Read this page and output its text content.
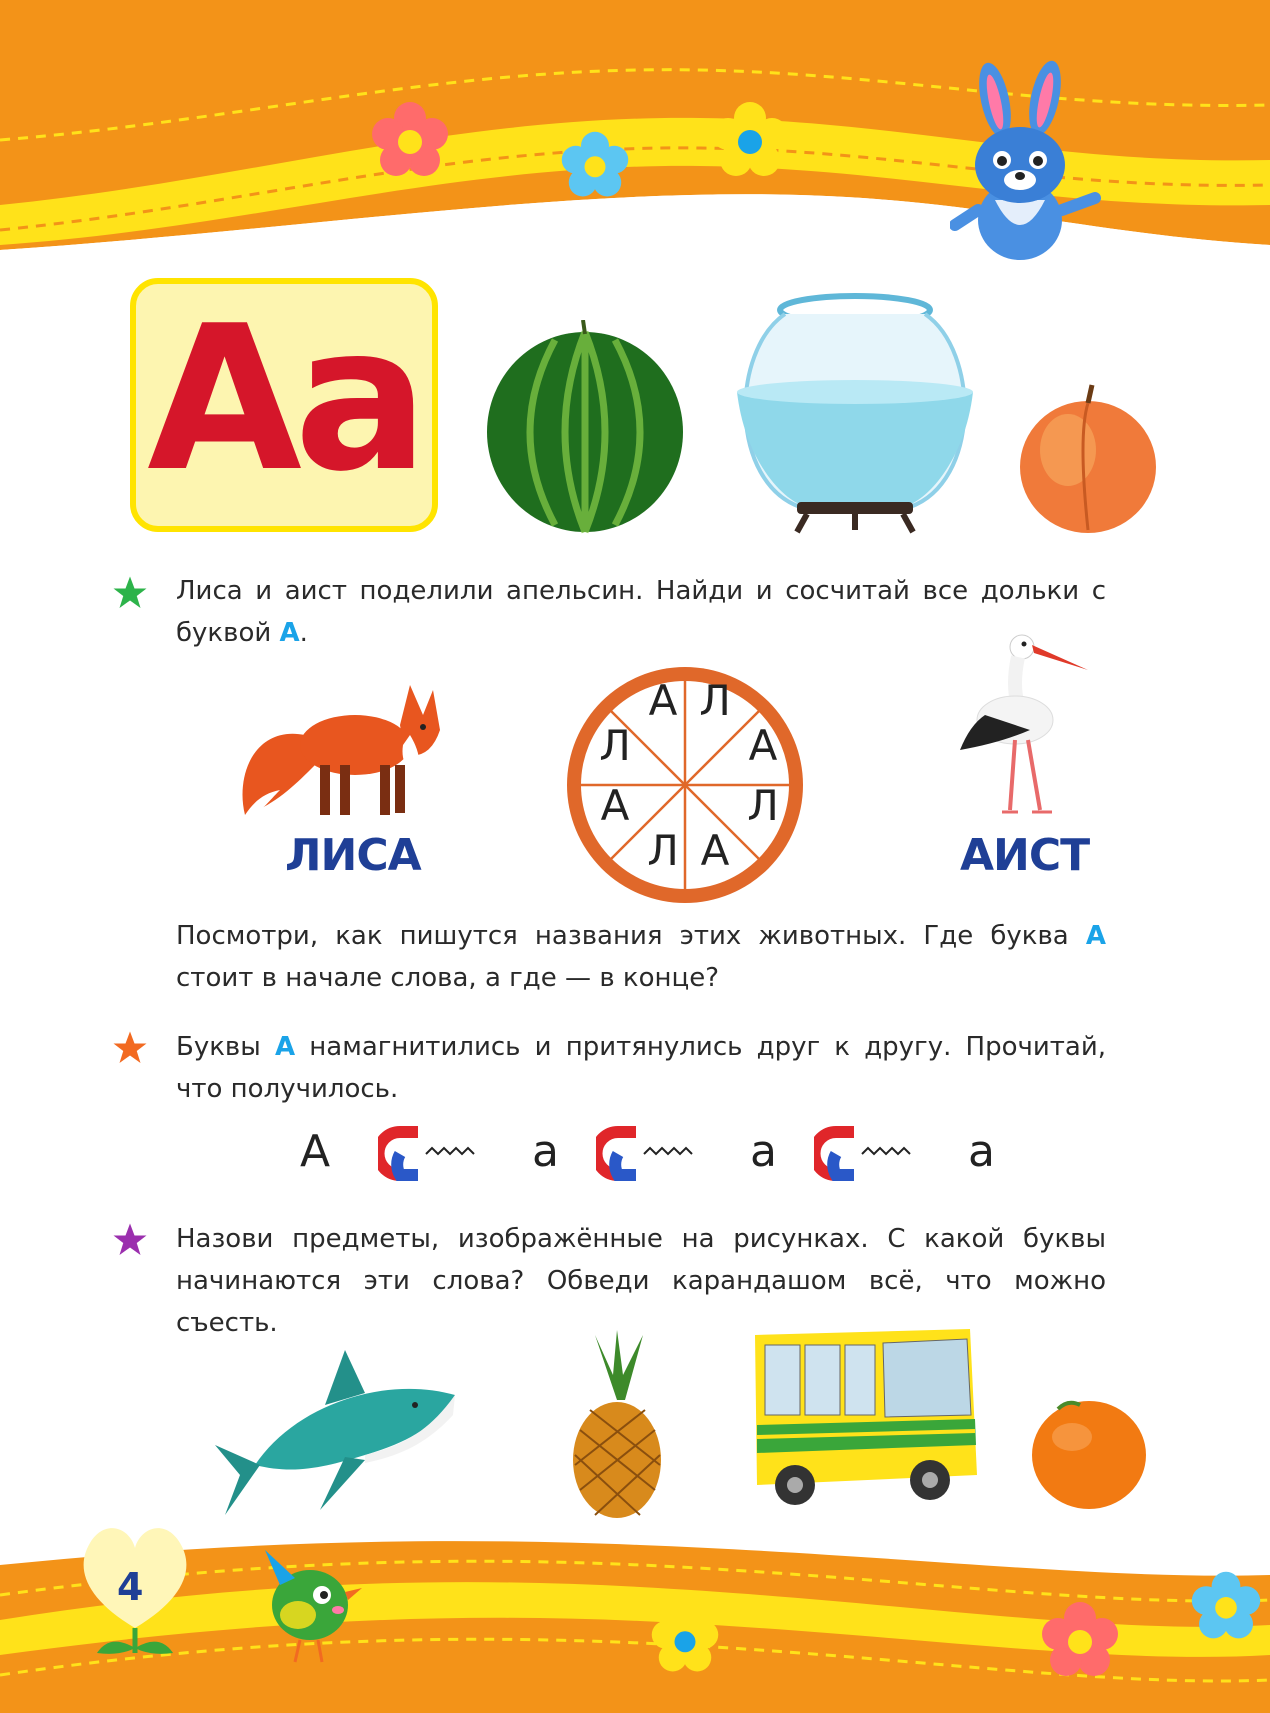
Аа
Лиса и аист поделили апельсин. Найди и сосчитай все дольки с буквой А.
ЛИСА
А Л
А
Л
А
Л
А
Л
АИСТ
Посмотри, как пишутся названия этих животных. Где буква А стоит в начале слова, а где — в конце?
Буквы А намагнитились и притянулись друг к другу. Прочитай, что получилось.
А	а	а	а
Назови предметы, изображённые на рисунках. С какой буквы начинаются эти слова? Обведи карандашом всё, что можно съесть.
4
